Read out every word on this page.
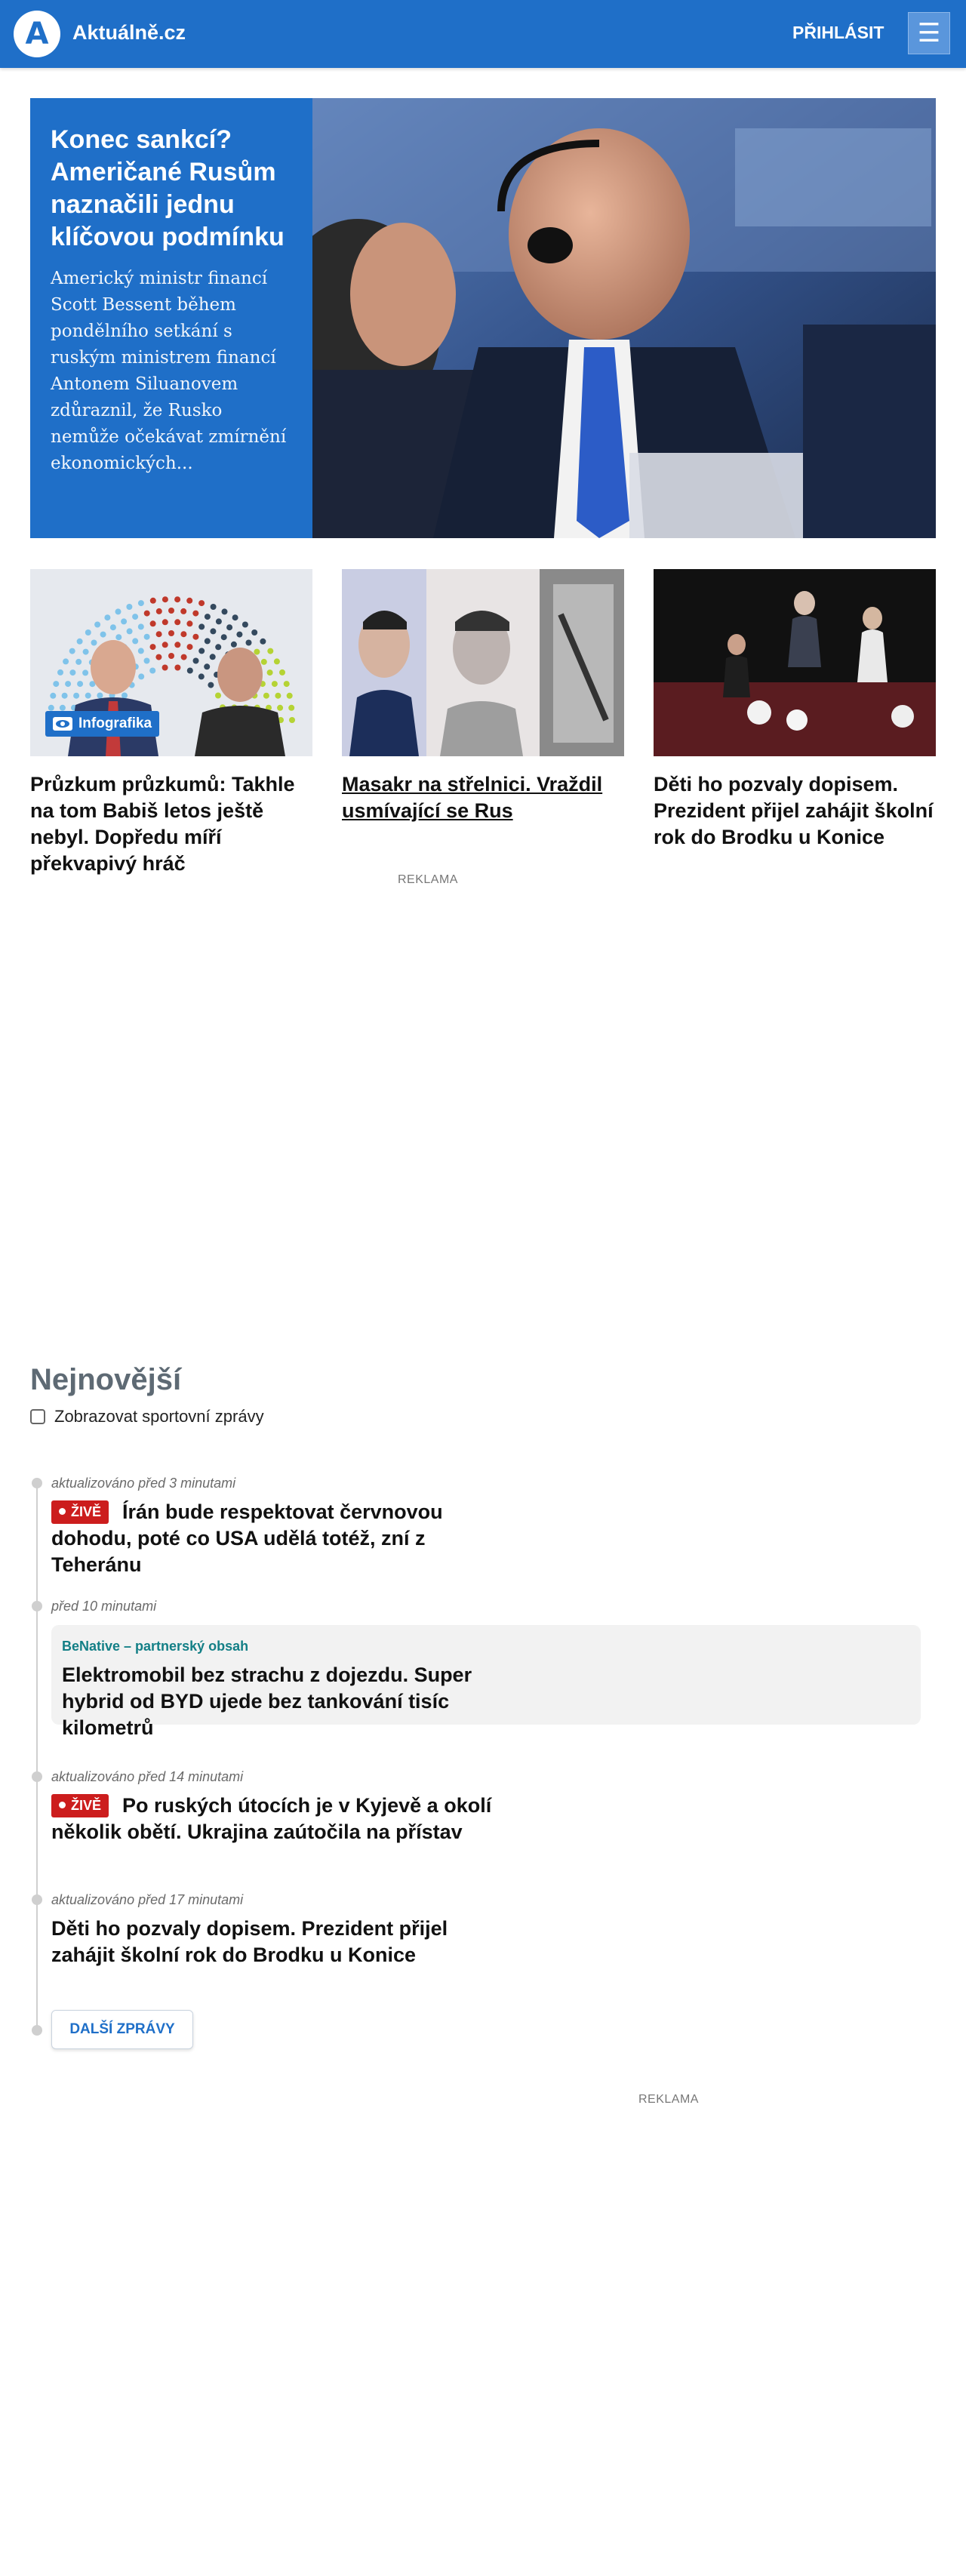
A Aktuálně.cz	PŘIHLÁSIT ☰
Konec sankcí? Američané Rusům naznačili jednu klíčovou podmínku
Americký ministr financí Scott Bessent během pondělního setkání s ruským ministrem financí Antonem Siluanovem zdůraznil, že Rusko nemůže očekávat zmírnění ekonomických...
Infografika
Průzkum průzkumů: Takhle na tom Babiš letos ještě nebyl. Dopředu míří překvapivý hráč
Masakr na střelnici. Vraždil usmívající se Rus
Děti ho pozvaly dopisem. Prezident přijel zahájit školní rok do Brodku u Konice
REKLAMA
Nejnovější
Zobrazovat sportovní zprávy
aktualizováno před 3 minutami
ŽIVĚ Írán bude respektovat červnovou dohodu, poté co USA udělá totéž, zní z Teheránu
před 10 minutami
BeNative – partnerský obsah
Elektromobil bez strachu z dojezdu. Super hybrid od BYD ujede bez tankování tisíc kilometrů
aktualizováno před 14 minutami
ŽIVĚ Po ruských útocích je v Kyjevě a okolí několik obětí. Ukrajina zaútočila na přístav
aktualizováno před 17 minutami
Děti ho pozvaly dopisem. Prezident přijel zahájit školní rok do Brodku u Konice
DALŠÍ ZPRÁVY
REKLAMA
